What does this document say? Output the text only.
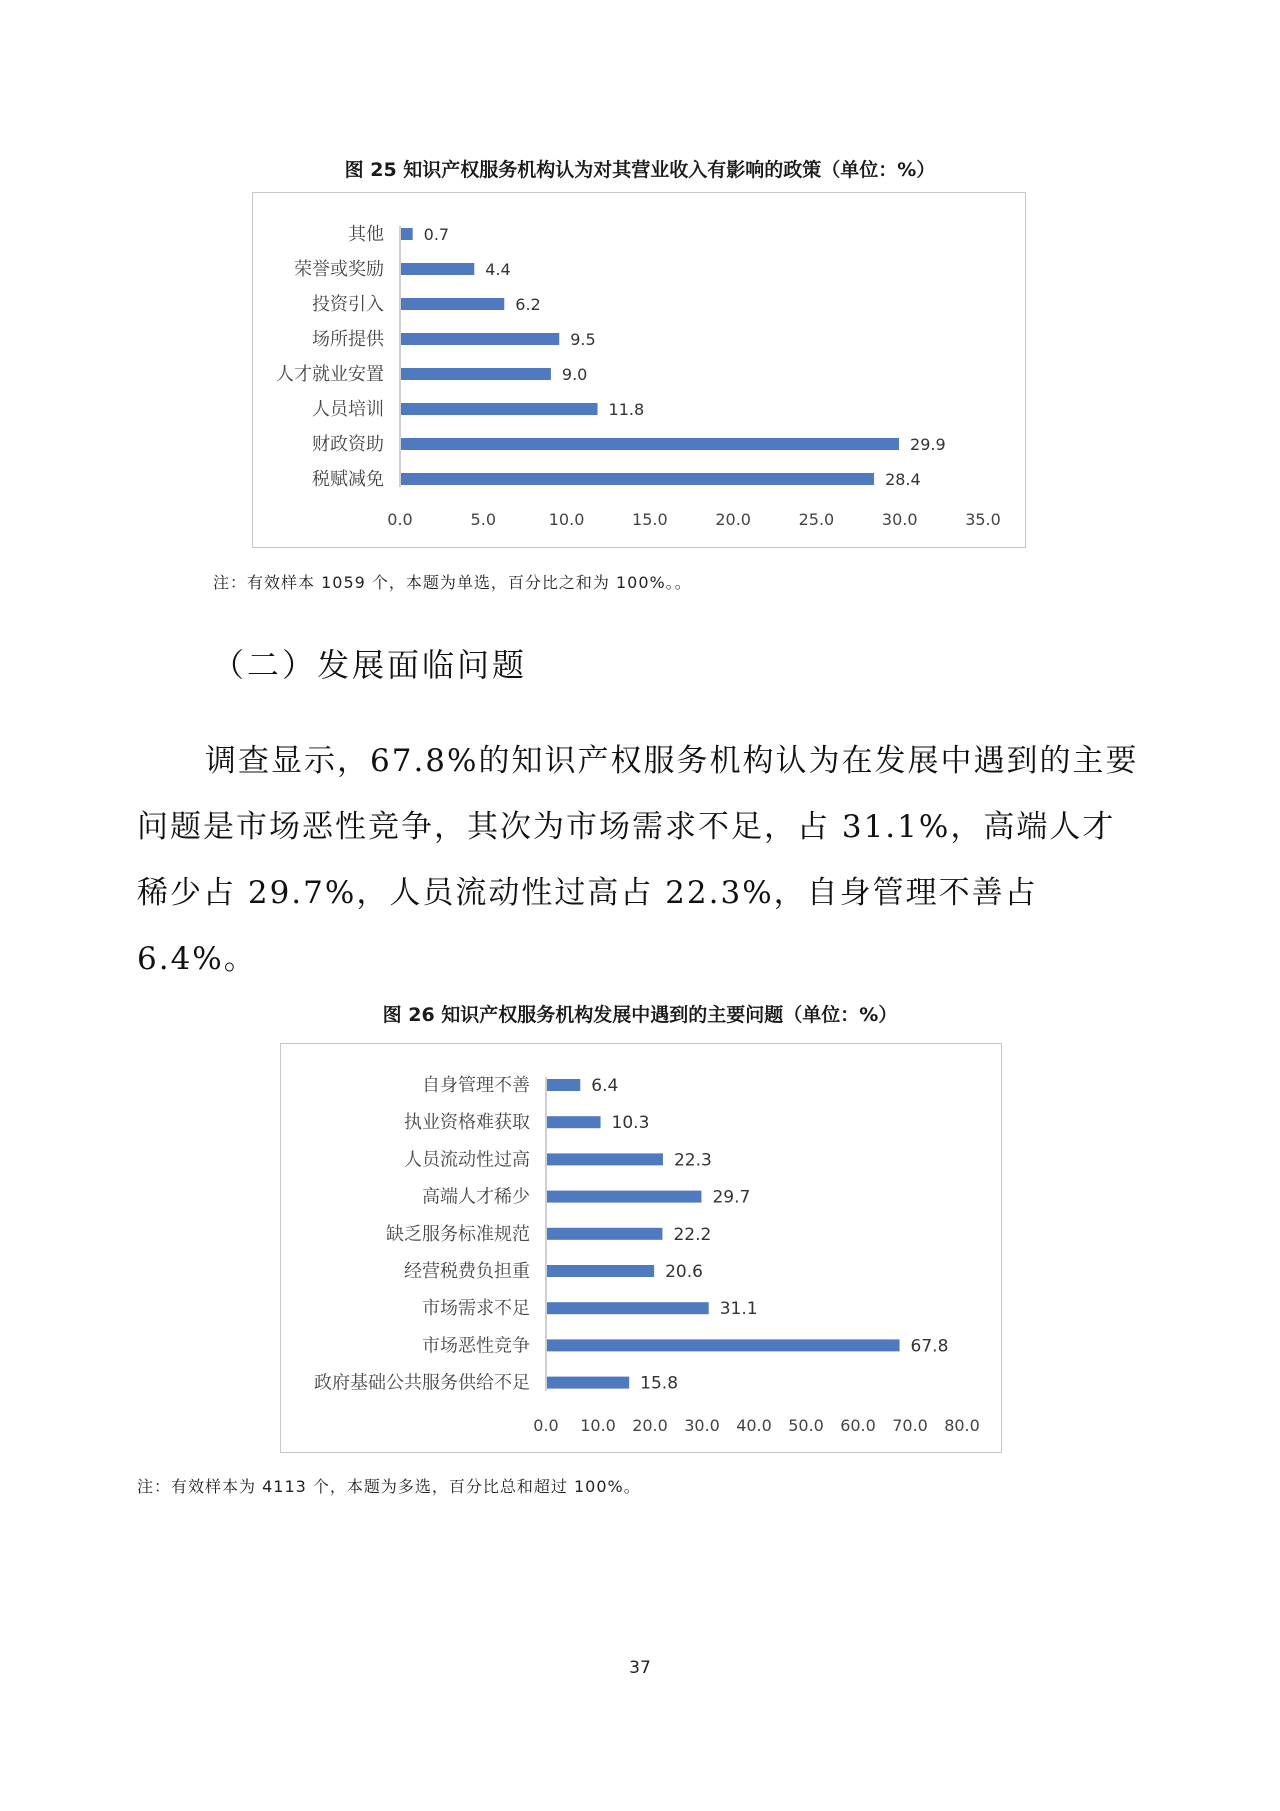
图 25 知识产权服务机构认为对其营业收入有影响的政策（单位：%）
其他 0.7
荣誉或奖励	4.4
投资引入	6.2
场所提供	9.5
人才就业安置	9.0
人员培训	11.8
财政资助	29.9
税赋减免	28.4
0.0	5.0	10.0	15.0	20.0	25.0	30.0	35.0
注：有效样本 1059 个，本题为单选，百分比之和为 100%。。
（二）发展面临问题

调查显示，67.8%的知识产权服务机构认为在发展中遇到的主要

问题是市场恶性竞争，其次为市场需求不足，占 31.1%，高端人才

稀少占 29.7%，人员流动性过高占 22.3%，自身管理不善占 6.4%。

图 26 知识产权服务机构发展中遇到的主要问题（单位：%）
自身管理不善	6.4
执业资格难获取	10.3
人员流动性过高	22.3
高端人才稀少	29.7
缺乏服务标准规范	22.2
经营税费负担重	20.6
市场需求不足	31.1
市场恶性竞争	67.8
政府基础公共服务供给不足	15.8
0.0 10.0 20.0 30.0 40.0 50.0 60.0 70.0 80.0
注：有效样本为 4113 个，本题为多选，百分比总和超过 100%。
37
